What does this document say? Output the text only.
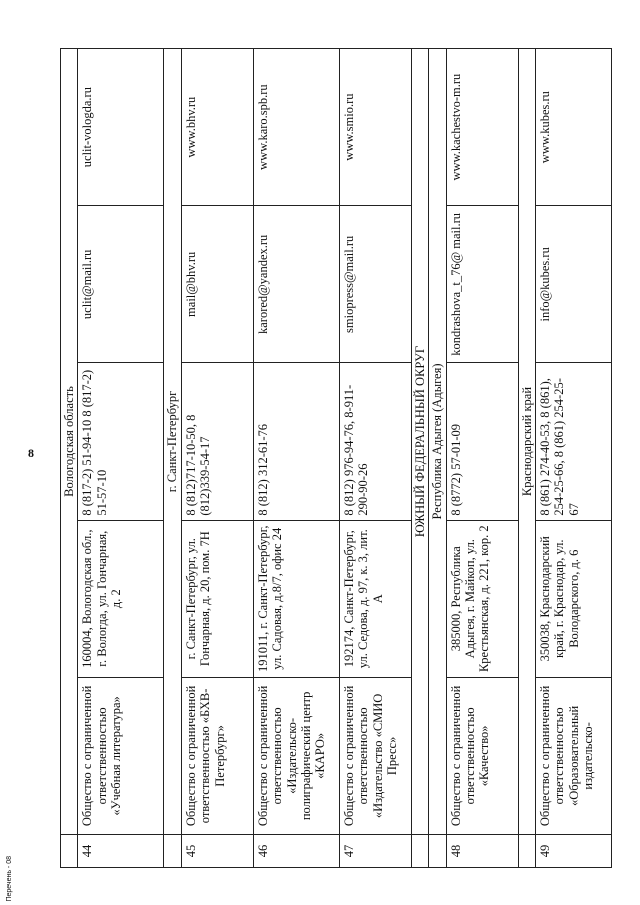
8
	Вологодская область				
44	Общество с ограниченной ответственностью «Учебная литература»	160004, Вологодская обл., г. Вологда, ул. Гончарная, д. 2	8 (817-2) 51-94-10 8 (817-2) 51-57-10	uclit@mail.ru	uclit-vologda.ru
	г. Санкт-Петербург				
45	Общество с ограниченной ответственностью «БХВ-Петербург»	г. Санкт-Петербург, ул. Гончарная, д. 20, пом. 7Н	8 (812)717-10-50, 8 (812)339-54-17	mail@bhv.ru	www.bhv.ru
46	Общество с ограниченной ответственностью «Издательско-полиграфический центр «КАРО»	191011, г. Санкт-Петербург, ул. Садовая, д.8/7, офис 24	8 (812) 312-61-76	karored@yandex.ru	www.karo.spb.ru
47	Общество с ограниченной ответственностью «Издательство «СМИО Пресс»	192174, Санкт-Петербург, ул. Седова, д. 97, к. 3, лит. А	8 (812) 976-94-76, 8-911-290-90-26	smiopress@mail.ru	www.smio.ru
	ЮЖНЫЙ ФЕДЕРАЛЬНЫЙ ОКРУГ				
	Республика Адыгея (Адыгея)				
48	Общество с ограниченной ответственностью «Качество»	385000, Республика Адыгея, г. Майкоп, ул. Крестьянская, д. 221, кор. 2	8 (8772) 57-01-09	kondrashova_t_76@ mail.ru	www.kachestvo-m.ru
	Краснодарский край				
49	Общество с ограниченной ответственностью «Образовательный издательско-	350038, Краснодарский край, г. Краснодар, ул. Володарского, д. 6	8 (861) 274-40-53, 8 (861), 254-25-66, 8 (861) 254-25-67	info@kubes.ru	www.kubes.ru
Перечень - 08
